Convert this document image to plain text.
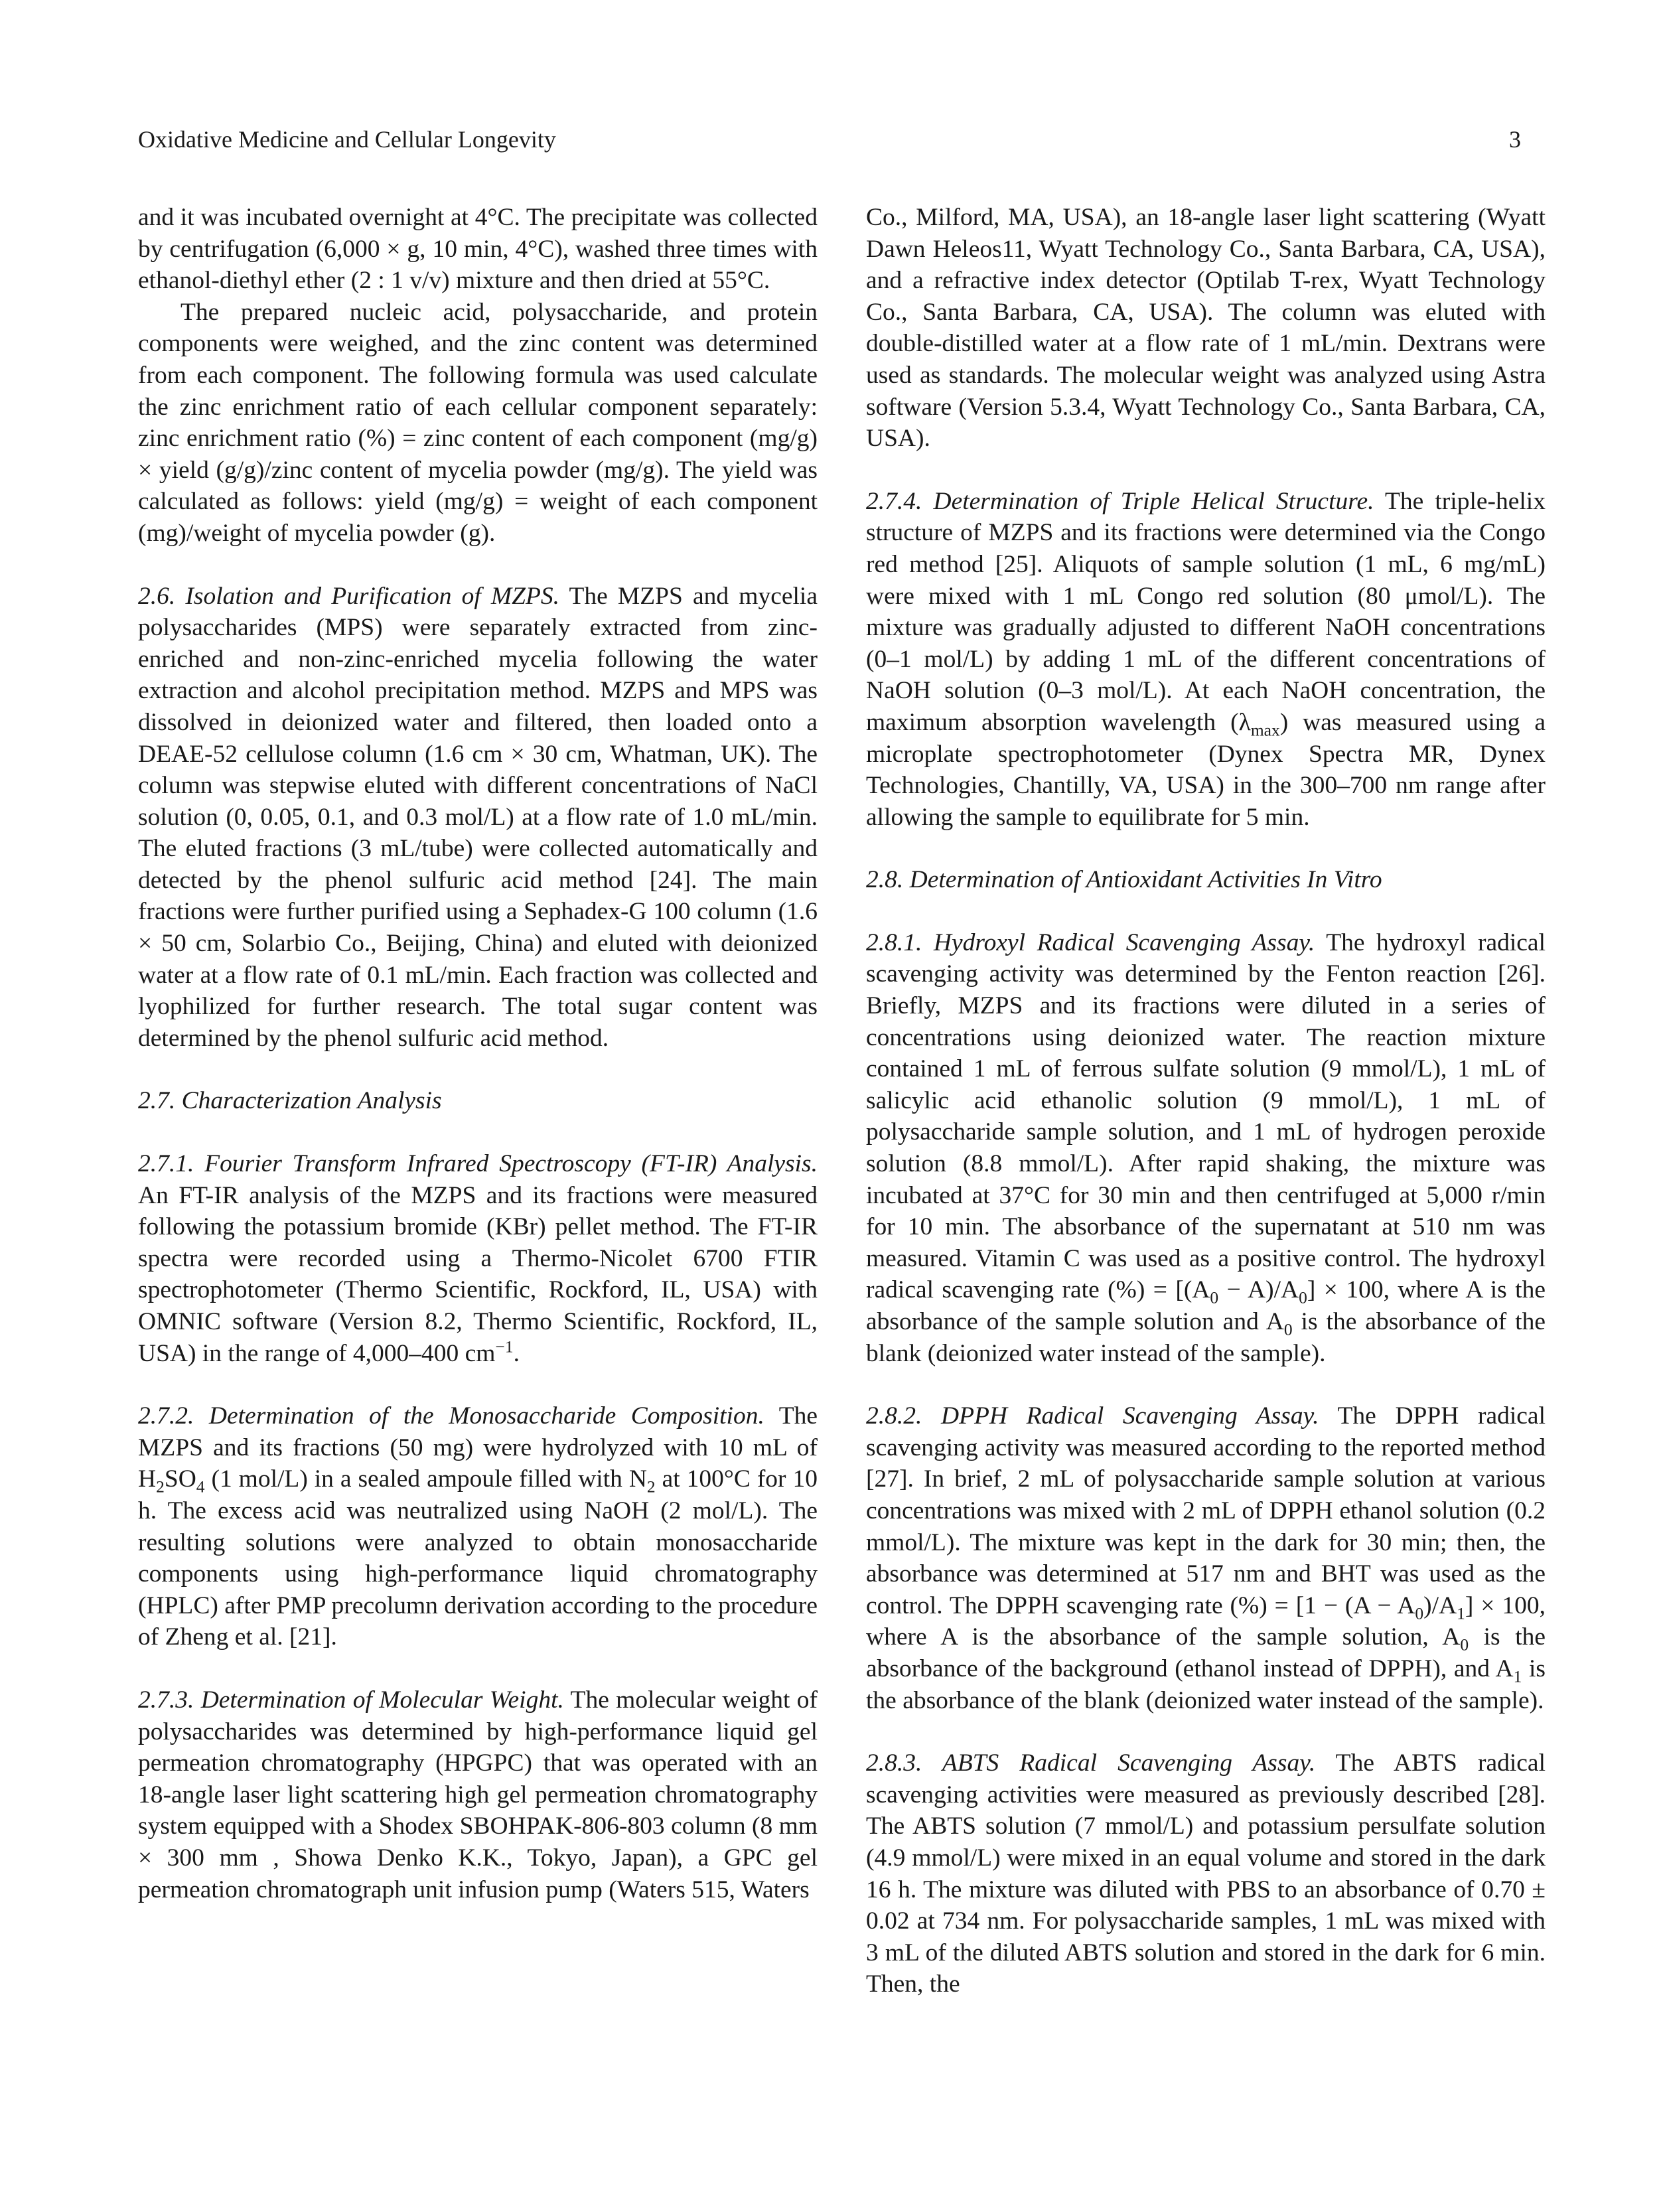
Oxidative Medicine and Cellular Longevity	3

and it was incubated overnight at 4°C. The precipitate was collected by centrifugation (6,000 × g, 10 min, 4°C), washed three times with ethanol-diethyl ether (2 : 1 v/v) mixture and then dried at 55°C.

The prepared nucleic acid, polysaccharide, and protein components were weighed, and the zinc content was determined from each component. The following formula was used calculate the zinc enrichment ratio of each cellular component separately: zinc enrichment ratio (%) = zinc content of each component (mg/g) × yield (g/g)/zinc content of mycelia powder (mg/g). The yield was calculated as follows: yield (mg/g) = weight of each component (mg)/weight of mycelia powder (g).

2.6. Isolation and Purification of MZPS. The MZPS and mycelia polysaccharides (MPS) were separately extracted from zinc-enriched and non-zinc-enriched mycelia following the water extraction and alcohol precipitation method. MZPS and MPS was dissolved in deionized water and filtered, then loaded onto a DEAE-52 cellulose column (1.6 cm × 30 cm, Whatman, UK). The column was stepwise eluted with different concentrations of NaCl solution (0, 0.05, 0.1, and 0.3 mol/L) at a flow rate of 1.0 mL/min. The eluted fractions (3 mL/tube) were collected automatically and detected by the phenol sulfuric acid method [24]. The main fractions were further purified using a Sephadex-G 100 column (1.6 × 50 cm, Solarbio Co., Beijing, China) and eluted with deionized water at a flow rate of 0.1 mL/min. Each fraction was collected and lyophilized for further research. The total sugar content was determined by the phenol sulfuric acid method.

2.7. Characterization Analysis

2.7.1. Fourier Transform Infrared Spectroscopy (FT-IR) Analysis. An FT-IR analysis of the MZPS and its fractions were measured following the potassium bromide (KBr) pellet method. The FT-IR spectra were recorded using a Thermo-Nicolet 6700 FTIR spectrophotometer (Thermo Scientific, Rockford, IL, USA) with OMNIC software (Version 8.2, Thermo Scientific, Rockford, IL, USA) in the range of 4,000–400 $cm^{-1}$.

2.7.2. Determination of the Monosaccharide Composition. The MZPS and its fractions (50 mg) were hydrolyzed with 10 mL of $H_2SO_4$ (1 mol/L) in a sealed ampoule filled with $N_2$ at 100°C for 10 h. The excess acid was neutralized using NaOH (2 mol/L). The resulting solutions were analyzed to obtain monosaccharide components using high-performance liquid chromatography (HPLC) after PMP precolumn derivation according to the procedure of Zheng et al. [21].

2.7.3. Determination of Molecular Weight. The molecular weight of polysaccharides was determined by high-performance liquid gel permeation chromatography (HPGPC) that was operated with an 18-angle laser light scattering high gel permeation chromatography system equipped with a Shodex SBOHPAK-806-803 column (8 mm × 300 mm , Showa Denko K.K., Tokyo, Japan), a GPC gel permeation chromatograph unit infusion pump (Waters 515, Waters

Co., Milford, MA, USA), an 18-angle laser light scattering (Wyatt Dawn Heleos11, Wyatt Technology Co., Santa Barbara, CA, USA), and a refractive index detector (Optilab T-rex, Wyatt Technology Co., Santa Barbara, CA, USA). The column was eluted with double-distilled water at a flow rate of 1 mL/min. Dextrans were used as standards. The molecular weight was analyzed using Astra software (Version 5.3.4, Wyatt Technology Co., Santa Barbara, CA, USA).

2.7.4. Determination of Triple Helical Structure. The triple-helix structure of MZPS and its fractions were determined via the Congo red method [25]. Aliquots of sample solution (1 mL, 6 mg/mL) were mixed with 1 mL Congo red solution (80 μmol/L). The mixture was gradually adjusted to different NaOH concentrations (0–1 mol/L) by adding 1 mL of the different concentrations of NaOH solution (0–3 mol/L). At each NaOH concentration, the maximum absorption wavelength $(\lambda_{max})$ was measured using a microplate spectrophotometer (Dynex Spectra MR, Dynex Technologies, Chantilly, VA, USA) in the 300–700 nm range after allowing the sample to equilibrate for 5 min.

2.8. Determination of Antioxidant Activities In Vitro

2.8.1. Hydroxyl Radical Scavenging Assay. The hydroxyl radical scavenging activity was determined by the Fenton reaction [26]. Briefly, MZPS and its fractions were diluted in a series of concentrations using deionized water. The reaction mixture contained 1 mL of ferrous sulfate solution (9 mmol/L), 1 mL of salicylic acid ethanolic solution (9 mmol/L), 1 mL of polysaccharide sample solution, and 1 mL of hydrogen peroxide solution (8.8 mmol/L). After rapid shaking, the mixture was incubated at 37°C for 30 min and then centrifuged at 5,000 r/min for 10 min. The absorbance of the supernatant at 510 nm was measured. Vitamin C was used as a positive control. The hydroxyl radical scavenging rate (%) = $[(A_0 - A)/A_0] \times 100$, where A is the absorbance of the sample solution and $A_0$ is the absorbance of the blank (deionized water instead of the sample).

2.8.2. DPPH Radical Scavenging Assay. The DPPH radical scavenging activity was measured according to the reported method [27]. In brief, 2 mL of polysaccharide sample solution at various concentrations was mixed with 2 mL of DPPH ethanol solution (0.2 mmol/L). The mixture was kept in the dark for 30 min; then, the absorbance was determined at 517 nm and BHT was used as the control. The DPPH scavenging rate (%) = $[1 - (A - A_0)/A_1] \times 100$, where A is the absorbance of the sample solution, $A_0$ is the absorbance of the background (ethanol instead of DPPH), and $A_1$ is the absorbance of the blank (deionized water instead of the sample).

2.8.3. ABTS Radical Scavenging Assay. The ABTS radical scavenging activities were measured as previously described [28]. The ABTS solution (7 mmol/L) and potassium persulfate solution (4.9 mmol/L) were mixed in an equal volume and stored in the dark 16 h. The mixture was diluted with PBS to an absorbance of 0.70 ± 0.02 at 734 nm. For polysaccharide samples, 1 mL was mixed with 3 mL of the diluted ABTS solution and stored in the dark for 6 min. Then, the
